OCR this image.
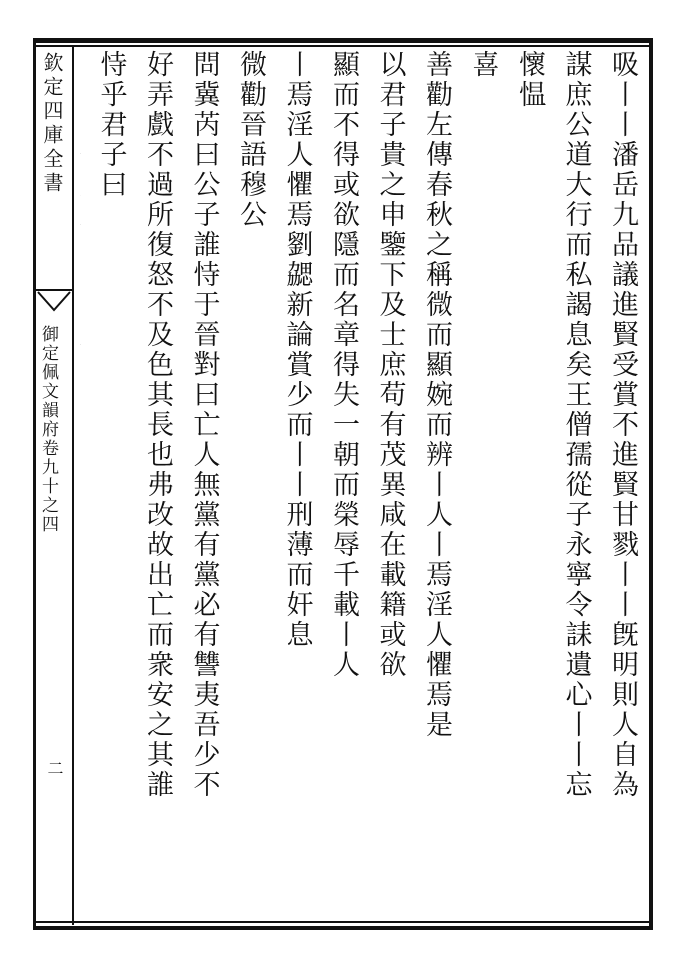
欽定四庫全書
御定佩文韻府卷九十之四
二	吸丨丨潘岳九品議進賢受賞不進賢甘戮丨丨旣明則人自為
謀庶公道大行而私謁息矣王僧孺從子永寧令誄遺心丨丨忘
懷愠
喜
善勸左傳春秋之稱微而顯婉而辨丨人丨焉淫人懼焉是
以君子貴之申鑒下及士庶苟有茂異咸在載籍或欲
顯而不得或欲隱而名章得失一朝而榮辱千載丨人
丨焉淫人懼焉劉勰新論賞少而丨丨刑薄而奸息
微勸晉語穆公
問冀芮曰公子誰恃于晉對曰亡人無黨有黨必有讐夷吾少不
好弄戲不過所復怒不及色其長也弗改故出亡而衆安之其誰
恃乎君子曰
